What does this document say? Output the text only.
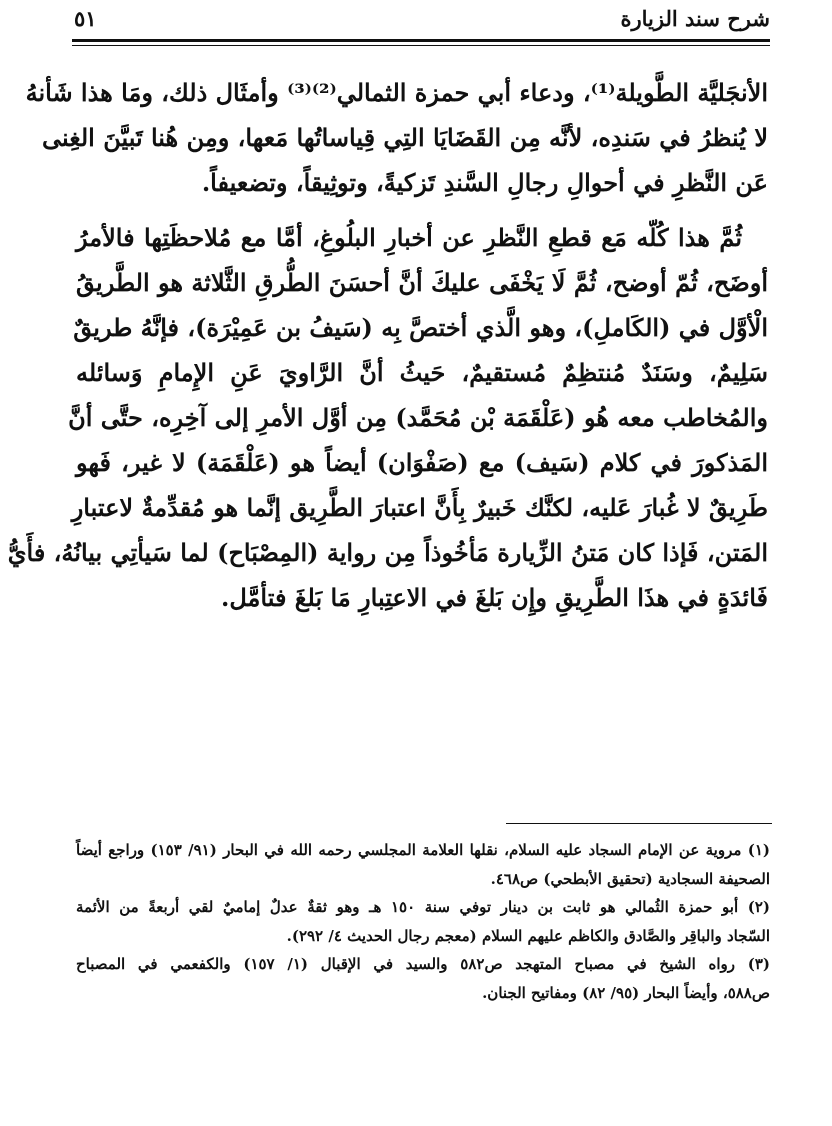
شرح سند الزيارة
٥١
الأنجَليَّة الطَّويلة⁽¹⁾، ودعاء أبي حمزة الثمالي⁽²⁾⁽³⁾ وأمثَال ذلك، ومَا هذا شَأنهُ
لا يُنظرُ في سَندِه، لأنَّه مِن القَضَايَا التِي قِياساتُها مَعها، ومِن هُنا تَبيَّنَ الغِنى
عَن النَّظرِ في أحوالِ رجالِ السَّندِ تَزكيةً، وتوثِيقاً، وتضعيفاً.
ثُمَّ هذا كُلّه مَع قطعِ النَّظرِ عن أخبارِ البلُوغِ، أمَّا مع مُلاحظَتِها فالأمرُ
أوضَح، ثُمّ أوضح، ثُمَّ لَا يَخْفَى عليكَ أنَّ أحسَنَ الطُّرقِ الثَّلاثة هو الطَّريقُ
الْأوَّل في (الكَاملِ)، وهو الَّذي أختصَّ بِه (سَيفُ بن عَمِيْرَة)، فإنَّهُ طريقٌ
سَلِيمٌ، وسَنَدٌ مُنتظِمٌ مُستقيمٌ، حَيثُ أنَّ الرَّاويَ عَنِ الإِمامِ وَسائله
والمُخاطب معه هُو (عَلْقَمَة بْن مُحَمَّد) مِن أوَّل الأمرِ إلى آخِرِه، حتَّى أنَّ
المَذكورَ في كلام (سَيف) مع (صَفْوَان) أيضاً هو (عَلْقَمَة) لا غير، فَهو
طَرِيقٌ لا غُبارَ عَليه، لكنَّك خَبيرٌ بِأَنَّ اعتبارَ الطَّرِيق إنَّما هو مُقدِّمةٌ لاعتبارِ
المَتن، فَإذا كان مَتنُ الزِّيارة مَأخُوذاً مِن رواية (المِصْبَاح) لما سَيأتِي بيانُهُ، فأَيُّ
فَائدَةٍ في هذَا الطَّرِيقِ وإِن بَلغَ في الاعتِبارِ مَا بَلغَ فتأمَّل.
(١) مروية عن الإمام السجاد عليه السلام، نقلها العلامة المجلسي رحمه الله في البحار (٩١/ ١٥٣) وراجع أيضاً
الصحيفة السجادية (تحقيق الأبطحي) ص٤٦٨.
(٢) أبو حمزة الثُمالي هو ثابت بن دينار توفي سنة ١٥٠ هـ وهو ثقةٌ عدلٌ إماميٌ لقي أربعةً من الأئمة
السّجاد والباقِر والصَّادق والكاظم عليهم السلام (معجم رجال الحديث ٤/ ٢٩٢).
(٣) رواه الشيخ في مصباح المتهجد ص٥٨٢ والسيد في الإقبال (١/ ١٥٧) والكفعمي في المصباح
ص٥٨٨، وأيضاً البحار (٩٥/ ٨٢) ومفاتيح الجنان.
